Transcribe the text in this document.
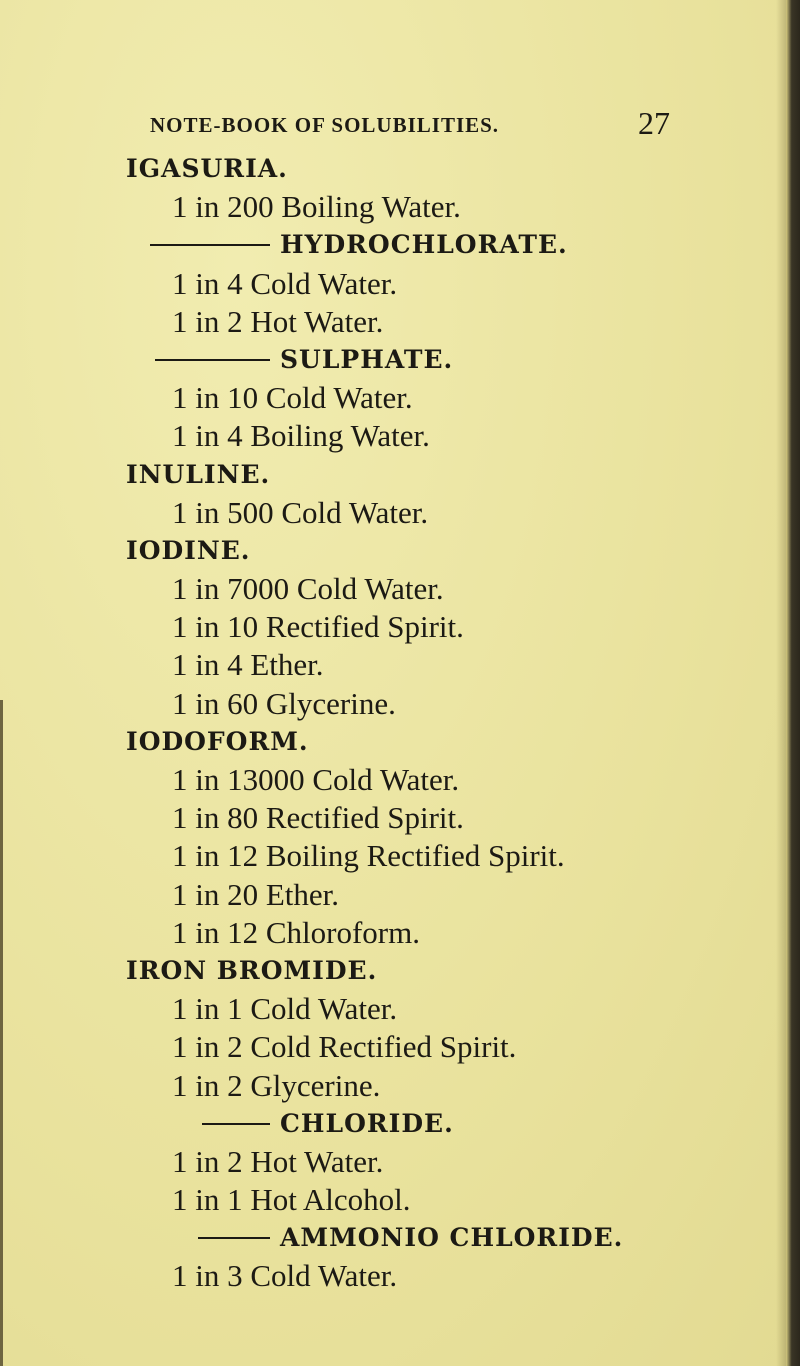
NOTE-BOOK OF SOLUBILITIES.	27
IGASURIA.
1 in 200 Boiling Water.
HYDROCHLORATE.
1 in 4 Cold Water.
1 in 2 Hot Water.
SULPHATE.
1 in 10 Cold Water.
1 in 4 Boiling Water.
INULINE.
1 in 500 Cold Water.
IODINE.
1 in 7000 Cold Water.
1 in 10 Rectified Spirit.
1 in 4 Ether.
1 in 60 Glycerine.
IODOFORM.
1 in 13000 Cold Water.
1 in 80 Rectified Spirit.
1 in 12 Boiling Rectified Spirit.
1 in 20 Ether.
1 in 12 Chloroform.
IRON BROMIDE.
1 in 1 Cold Water.
1 in 2 Cold Rectified Spirit.
1 in 2 Glycerine.
CHLORIDE.
1 in 2 Hot Water.
1 in 1 Hot Alcohol.
AMMONIO CHLORIDE.
1 in 3 Cold Water.
